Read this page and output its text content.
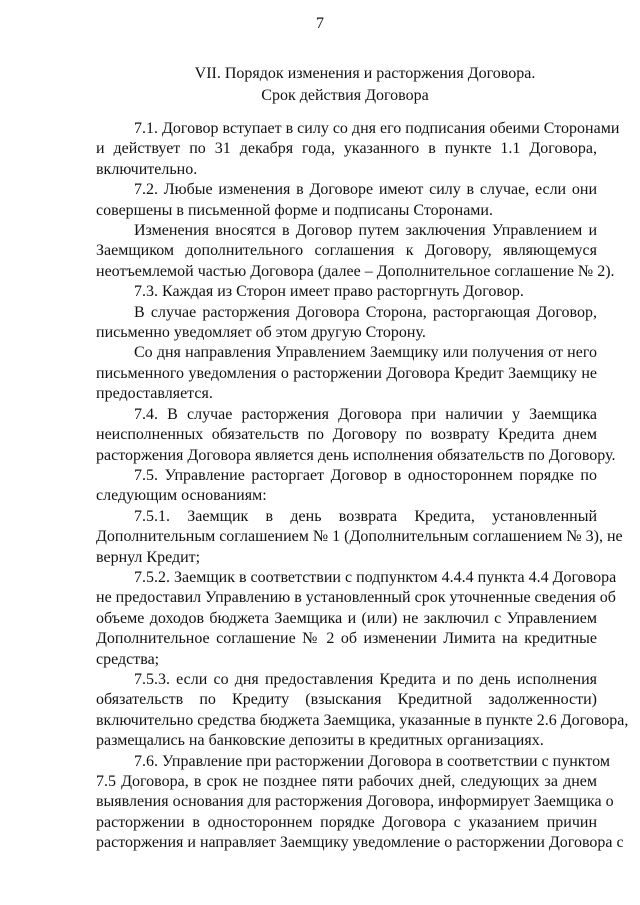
7
VII. Порядок изменения и расторжения Договора.
Срок действия Договора
7.1. Договор вступает в силу со дня его подписания обеими Сторонами
и действует по 31 декабря года, указанного в пункте 1.1 Договора,
включительно.
7.2. Любые изменения в Договоре имеют силу в случае, если они
совершены в письменной форме и подписаны Сторонами.
Изменения вносятся в Договор путем заключения Управлением и
Заемщиком дополнительного соглашения к Договору, являющемуся
неотъемлемой частью Договора (далее – Дополнительное соглашение № 2).
7.3. Каждая из Сторон имеет право расторгнуть Договор.
В случае расторжения Договора Сторона, расторгающая Договор,
письменно уведомляет об этом другую Сторону.
Со дня направления Управлением Заемщику или получения от него
письменного уведомления о расторжении Договора Кредит Заемщику не
предоставляется.
7.4. В случае расторжения Договора при наличии у Заемщика
неисполненных обязательств по Договору по возврату Кредита днем
расторжения Договора является день исполнения обязательств по Договору.
7.5. Управление расторгает Договор в одностороннем порядке по
следующим основаниям:
7.5.1. Заемщик в день возврата Кредита, установленный
Дополнительным соглашением № 1 (Дополнительным соглашением № 3), не
вернул Кредит;
7.5.2. Заемщик в соответствии с подпунктом 4.4.4 пункта 4.4 Договора
не предоставил Управлению в установленный срок уточненные сведения об
объеме доходов бюджета Заемщика и (или) не заключил с Управлением
Дополнительное соглашение № 2 об изменении Лимита на кредитные
средства;
7.5.3. если со дня предоставления Кредита и по день исполнения
обязательств по Кредиту (взыскания Кредитной задолженности)
включительно средства бюджета Заемщика, указанные в пункте 2.6 Договора,
размещались на банковские депозиты в кредитных организациях.
7.6. Управление при расторжении Договора в соответствии с пунктом
7.5 Договора, в срок не позднее пяти рабочих дней, следующих за днем
выявления основания для расторжения Договора, информирует Заемщика о
расторжении в одностороннем порядке Договора с указанием причин
расторжения и направляет Заемщику уведомление о расторжении Договора с
